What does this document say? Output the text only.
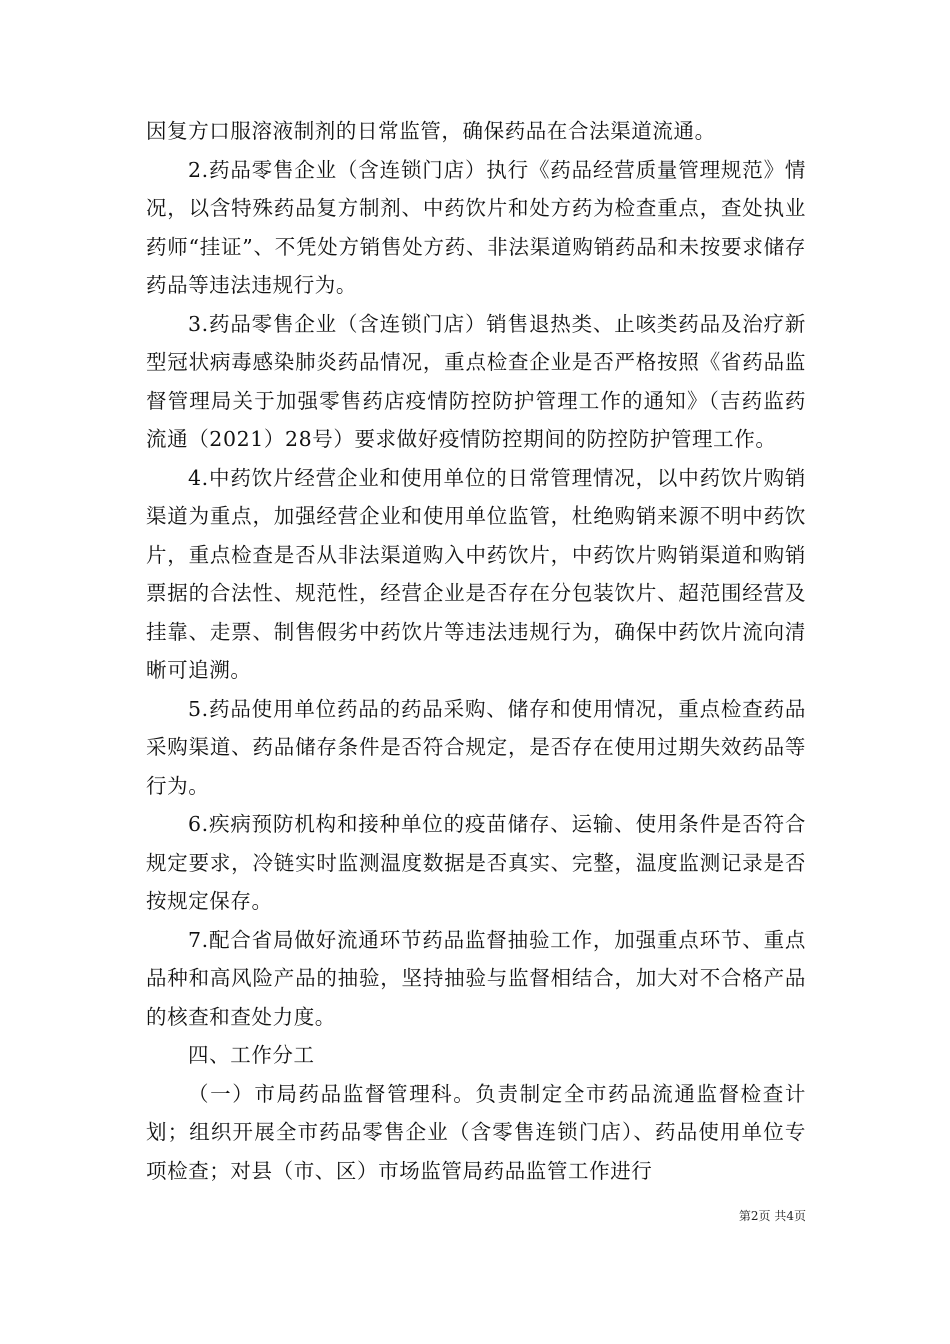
因复方口服溶液制剂的日常监管，确保药品在合法渠道流通。

2.药品零售企业（含连锁门店）执行《药品经营质量管理规范》情况，以含特殊药品复方制剂、中药饮片和处方药为检查重点，查处执业药师“挂证”、不凭处方销售处方药、非法渠道购销药品和未按要求储存药品等违法违规行为。

3.药品零售企业（含连锁门店）销售退热类、止咳类药品及治疗新型冠状病毒感染肺炎药品情况，重点检查企业是否严格按照《省药品监督管理局关于加强零售药店疫情防控防护管理工作的通知》（吉药监药流通（2021）28号）要求做好疫情防控期间的防控防护管理工作。

4.中药饮片经营企业和使用单位的日常管理情况，以中药饮片购销渠道为重点，加强经营企业和使用单位监管，杜绝购销来源不明中药饮片，重点检查是否从非法渠道购入中药饮片，中药饮片购销渠道和购销票据的合法性、规范性，经营企业是否存在分包装饮片、超范围经营及挂靠、走票、制售假劣中药饮片等违法违规行为，确保中药饮片流向清晰可追溯。

5.药品使用单位药品的药品采购、储存和使用情况，重点检查药品采购渠道、药品储存条件是否符合规定，是否存在使用过期失效药品等行为。

6.疾病预防机构和接种单位的疫苗储存、运输、使用条件是否符合规定要求，冷链实时监测温度数据是否真实、完整，温度监测记录是否按规定保存。

7.配合省局做好流通环节药品监督抽验工作，加强重点环节、重点品种和高风险产品的抽验，坚持抽验与监督相结合，加大对不合格产品的核查和查处力度。

四、工作分工

（一）市局药品监督管理科。负责制定全市药品流通监督检查计划；组织开展全市药品零售企业（含零售连锁门店）、药品使用单位专项检查；对县（市、区）市场监管局药品监管工作进行

第2页 共4页
